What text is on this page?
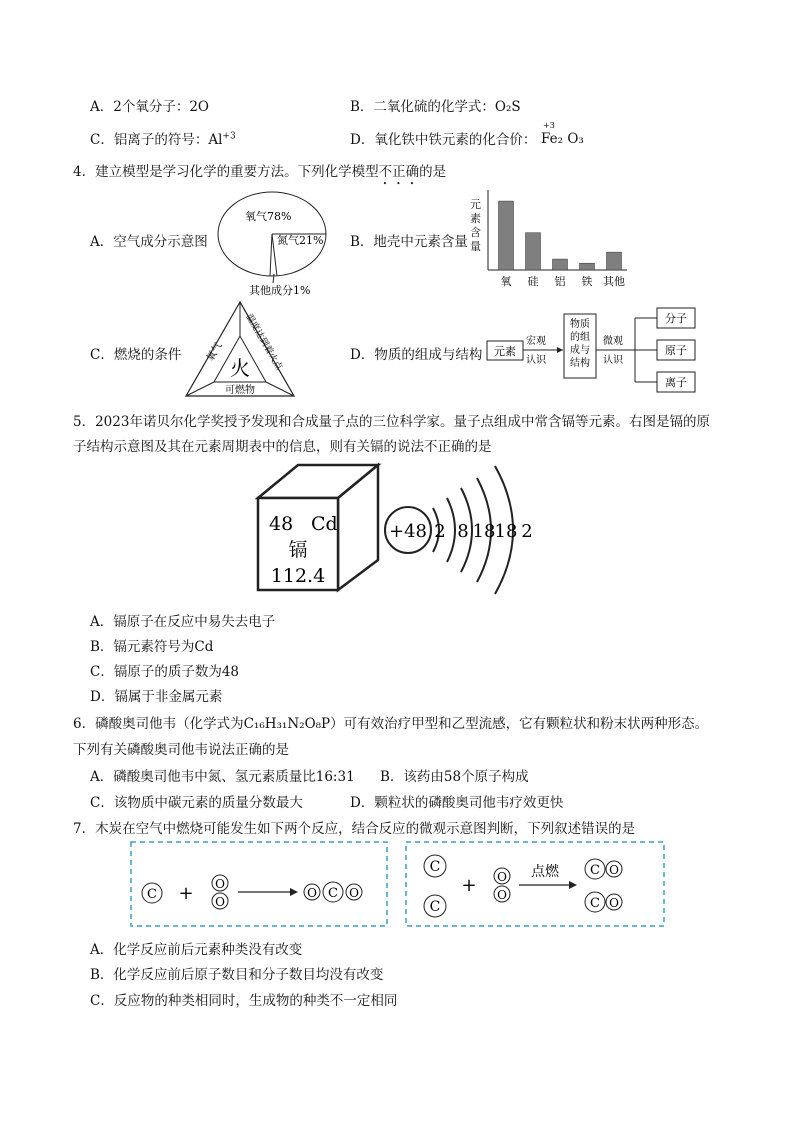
A．2个氧分子：2O	B．二氧化硫的化学式：O₂S
C．铝离子的符号：$Al^{+3}$	D．氧化铁中铁元素的化合价：
+3
Fe₂ O₃
4．建立模型是学习化学的重要方法。下列化学模型不正确的是
A．空气成分示意图
氧气78%
氮气21%
其他成分1%
B．地壳中元素含量
元素含量
氧 硅 铝 铁 其他
C．燃烧的条件
火
氧气 温度达到着火点
可燃物
D．物质的组成与结构 元素
宏观
认识
物质
的组
成与
结构
微观
认识
分子
原子
离子
5．2023年诺贝尔化学奖授予发现和合成量子点的三位科学家。量子点组成中常含镉等元素。右图是镉的原
子结构示意图及其在元素周期表中的信息，则有关镉的说法不正确的是
48 Cd
镉
112.4
+48 2 8 18 18 2
A．镉原子在反应中易失去电子
B．镉元素符号为Cd
C．镉原子的质子数为48
D．镉属于非金属元素
6．磷酸奥司他韦（化学式为C₁₆H₃₁N₂O₈P）可有效治疗甲型和乙型流感，它有颗粒状和粉末状两种形态。
下列有关磷酸奥司他韦说法正确的是
A．磷酸奥司他韦中氮、氢元素质量比16:31 B．该药由58个原子构成
C．该物质中碳元素的质量分数最大	D．颗粒状的磷酸奥司他韦疗效更快
7．木炭在空气中燃烧可能发生如下两个反应，结合反应的微观示意图判断，下列叙述错误的是
C + O
O
O C O
C
C
+ O
O
点燃 C O
C O
A．化学反应前后元素种类没有改变
B．化学反应前后原子数目和分子数目均没有改变
C．反应物的种类相同时，生成物的种类不一定相同
